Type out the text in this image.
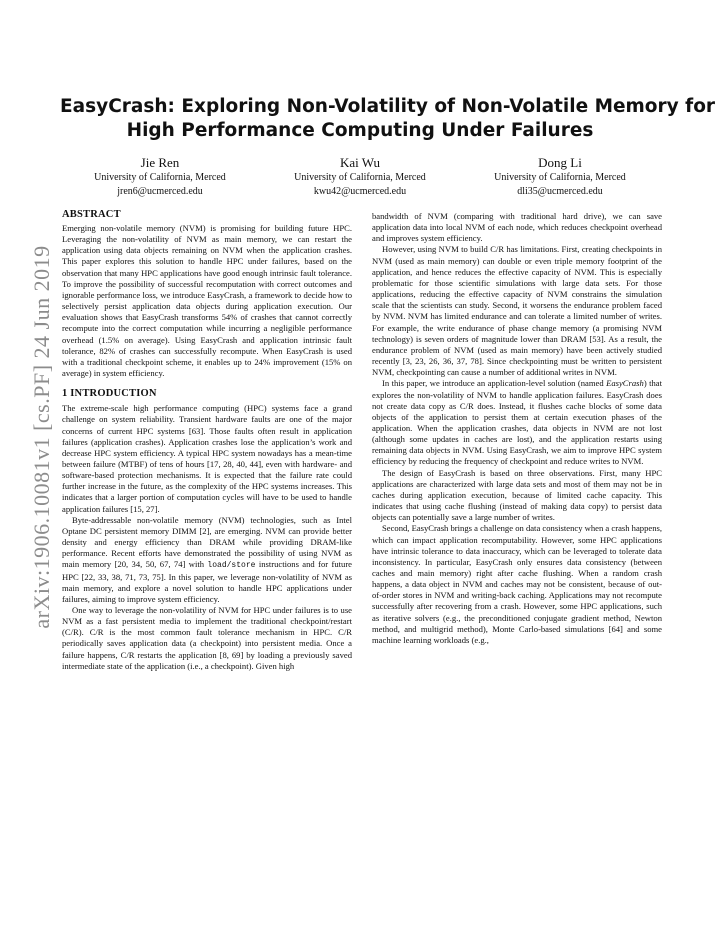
arXiv:1906.10081v1 [cs.PF] 24 Jun 2019
EasyCrash: Exploring Non-Volatility of Non-Volatile Memory for
High Performance Computing Under Failures
Jie Ren
University of California, Merced
jren6@ucmerced.edu
Kai Wu
University of California, Merced
kwu42@ucmerced.edu
Dong Li
University of California, Merced
dli35@ucmerced.edu
ABSTRACT

Emerging non-volatile memory (NVM) is promising for building future HPC. Leveraging the non-volatility of NVM as main memory, we can restart the application using data objects remaining on NVM when the application crashes. This paper explores this solution to handle HPC under failures, based on the observation that many HPC applications have good enough intrinsic fault tolerance. To improve the possibility of successful recomputation with correct outcomes and ignorable performance loss, we introduce EasyCrash, a framework to decide how to selectively persist application data objects during application execution. Our evaluation shows that EasyCrash transforms 54% of crashes that cannot correctly recompute into the correct computation while incurring a negligible performance overhead (1.5% on average). Using EasyCrash and application intrinsic fault tolerance, 82% of crashes can successfully recompute. When EasyCrash is used with a traditional checkpoint scheme, it enables up to 24% improvement (15% on average) in system efficiency.

1 INTRODUCTION

The extreme-scale high performance computing (HPC) systems face a grand challenge on system reliability. Transient hardware faults are one of the major concerns of current HPC systems [63]. Those faults often result in application failures (application crashes). Application crashes lose the application’s work and decrease HPC system efficiency. A typical HPC system nowadays has a mean-time between failure (MTBF) of tens of hours [17, 28, 40, 44], even with hardware- and software-based protection mechanisms. It is expected that the failure rate could further increase in the future, as the complexity of the HPC systems increases. This indicates that a larger portion of computation cycles will have to be used to handle application failures [15, 27].

Byte-addressable non-volatile memory (NVM) technologies, such as Intel Optane DC persistent memory DIMM [2], are emerging. NVM can provide better density and energy efficiency than DRAM while providing DRAM-like performance. Recent efforts have demonstrated the possibility of using NVM as main memory [20, 34, 50, 67, 74] with load/store instructions and for future HPC [22, 33, 38, 71, 73, 75]. In this paper, we leverage non-volatility of NVM as main memory, and explore a novel solution to handle HPC applications under failures, aiming to improve system efficiency.

One way to leverage the non-volatility of NVM for HPC under failures is to use NVM as a fast persistent media to implement the traditional checkpoint/restart (C/R). C/R is the most common fault tolerance mechanism in HPC. C/R periodically saves application data (a checkpoint) into persistent media. Once a failure happens, C/R restarts the application [8, 69] by loading a previously saved intermediate state of the application (i.e., a checkpoint). Given high

bandwidth of NVM (comparing with traditional hard drive), we can save application data into local NVM of each node, which reduces checkpoint overhead and improves system efficiency.

However, using NVM to build C/R has limitations. First, creating checkpoints in NVM (used as main memory) can double or even triple memory footprint of the application, and hence reduces the effective capacity of NVM. This is especially problematic for those scientific simulations with large data sets. For those applications, reducing the effective capacity of NVM constrains the simulation scale that the scientists can study. Second, it worsens the endurance problem faced by NVM. NVM has limited endurance and can tolerate a limited number of writes. For example, the write endurance of phase change memory (a promising NVM technology) is seven orders of magnitude lower than DRAM [53]. As a result, the endurance problem of NVM (used as main memory) have been actively studied recently [3, 23, 26, 36, 37, 78]. Since checkpointing must be written to persistent NVM, checkpointing can cause a number of additional writes in NVM.

In this paper, we introduce an application-level solution (named EasyCrash) that explores the non-volatility of NVM to handle application failures. EasyCrash does not create data copy as C/R does. Instead, it flushes cache blocks of some data objects of the application to persist them at certain execution phases of the application. When the application crashes, data objects in NVM are not lost (although some updates in caches are lost), and the application restarts using remaining data objects in NVM. Using EasyCrash, we aim to improve HPC system efficiency by reducing the frequency of checkpoint and reduce writes to NVM.

The design of EasyCrash is based on three observations. First, many HPC applications are characterized with large data sets and most of them may not be in caches during application execution, because of limited cache capacity. This indicates that using cache flushing (instead of making data copy) to persist data objects can potentially save a large number of writes.

Second, EasyCrash brings a challenge on data consistency when a crash happens, which can impact application recomputability. However, some HPC applications have intrinsic tolerance to data inaccuracy, which can be leveraged to tolerate data inconsistency. In particular, EasyCrash only ensures data consistency (between caches and main memory) right after cache flushing. When a random crash happens, a data object in NVM and caches may not be consistent, because of out-of-order stores in NVM and writing-back caching. Applications may not recompute successfully after recovering from a crash. However, some HPC applications, such as iterative solvers (e.g., the preconditioned conjugate gradient method, Newton method, and multigrid method), Monte Carlo-based simulations [64] and some machine learning workloads (e.g.,
